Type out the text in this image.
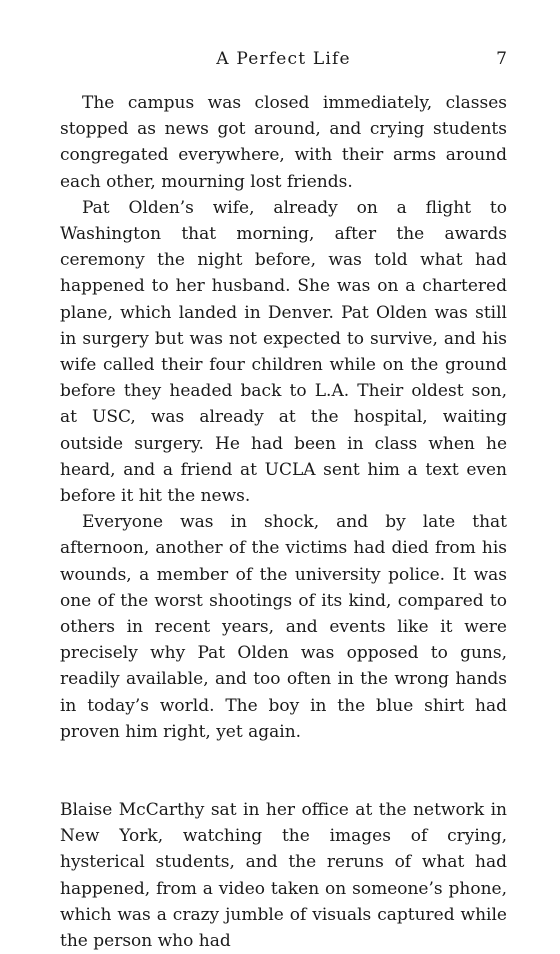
A Perfect Life	7

The campus was closed immediately, classes stopped as news got around, and crying students congregated everywhere, with their arms around each other, mourning lost friends.

Pat Olden’s wife, already on a flight to Washington that morning, after the awards ceremony the night before, was told what had happened to her husband. She was on a chartered plane, which landed in Denver. Pat Olden was still in surgery but was not expected to survive, and his wife called their four children while on the ground before they headed back to L.A. Their oldest son, at USC, was already at the hospital, waiting outside surgery. He had been in class when he heard, and a friend at UCLA sent him a text even before it hit the news.

Everyone was in shock, and by late that afternoon, another of the victims had died from his wounds, a member of the university police. It was one of the worst shootings of its kind, compared to others in recent years, and events like it were precisely why Pat Olden was opposed to guns, readily available, and too often in the wrong hands in today’s world. The boy in the blue shirt had proven him right, yet again.

Blaise McCarthy sat in her office at the network in New York, watching the images of crying, hysterical students, and the reruns of what had happened, from a video taken on someone’s phone, which was a crazy jumble of visuals captured while the person who had
